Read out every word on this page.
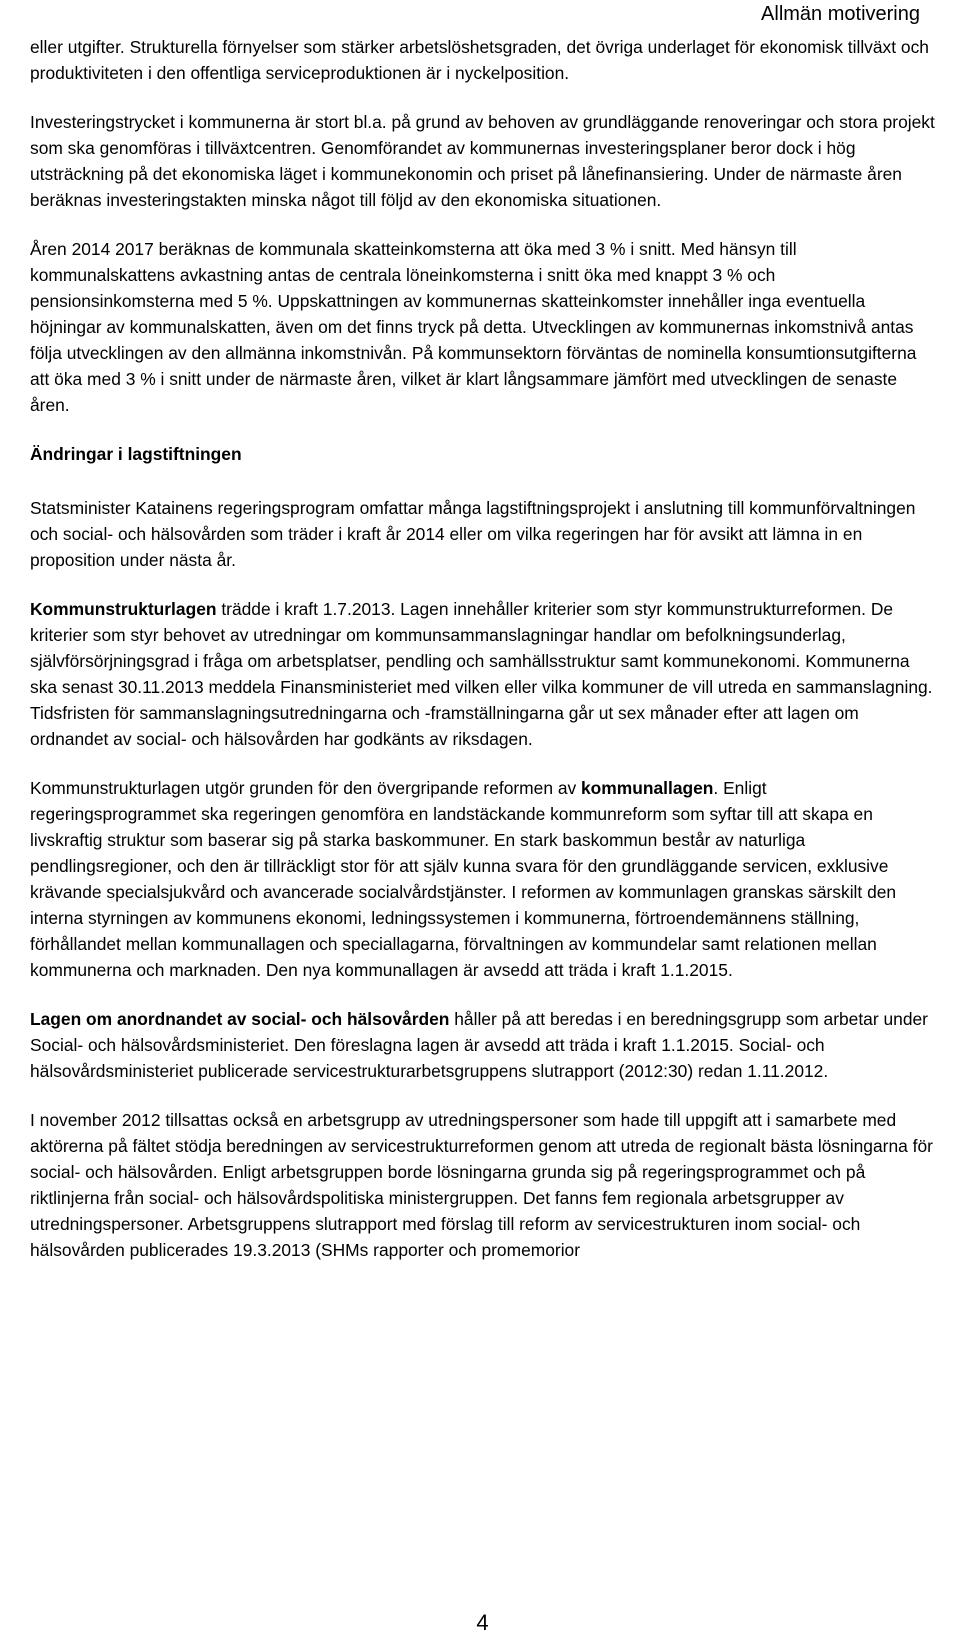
Allmän motivering

eller utgifter. Strukturella förnyelser som stärker arbetslöshetsgraden, det övriga underlaget för ekonomisk tillväxt och produktiviteten i den offentliga serviceproduktionen är i nyckelposition.

Investeringstrycket i kommunerna är stort bl.a. på grund av behoven av grundläggande renoveringar och stora projekt som ska genomföras i tillväxtcentren. Genomförandet av kommunernas investeringsplaner beror dock i hög utsträckning på det ekonomiska läget i kommunekonomin och priset på lånefinansiering. Under de närmaste åren beräknas investeringstakten minska något till följd av den ekonomiska situationen.

Åren 2014 2017 beräknas de kommunala skatteinkomsterna att öka med 3 % i snitt. Med hänsyn till kommunalskattens avkastning antas de centrala löneinkomsterna i snitt öka med knappt 3 % och pensionsinkomsterna med 5 %. Uppskattningen av kommunernas skatteinkomster innehåller inga eventuella höjningar av kommunalskatten, även om det finns tryck på detta. Utvecklingen av kommunernas inkomstnivå antas följa utvecklingen av den allmänna inkomstnivån. På kommunsektorn förväntas de nominella konsumtionsutgifterna att öka med 3 % i snitt under de närmaste åren, vilket är klart långsammare jämfört med utvecklingen de senaste åren.

Ändringar i lagstiftningen

Statsminister Katainens regeringsprogram omfattar många lagstiftningsprojekt i anslutning till kommunförvaltningen och social- och hälsovården som träder i kraft år 2014 eller om vilka regeringen har för avsikt att lämna in en proposition under nästa år.

Kommunstrukturlagen trädde i kraft 1.7.2013. Lagen innehåller kriterier som styr kommunstrukturreformen. De kriterier som styr behovet av utredningar om kommunsammanslagningar handlar om befolkningsunderlag, självförsörjningsgrad i fråga om arbetsplatser, pendling och samhällsstruktur samt kommunekonomi. Kommunerna ska senast 30.11.2013 meddela Finansministeriet med vilken eller vilka kommuner de vill utreda en sammanslagning. Tidsfristen för sammanslagningsutredningarna och -framställningarna går ut sex månader efter att lagen om ordnandet av social- och hälsovården har godkänts av riksdagen.

Kommunstrukturlagen utgör grunden för den övergripande reformen av kommunallagen. Enligt regeringsprogrammet ska regeringen genomföra en landstäckande kommunreform som syftar till att skapa en livskraftig struktur som baserar sig på starka baskommuner. En stark baskommun består av naturliga pendlingsregioner, och den är tillräckligt stor för att själv kunna svara för den grundläggande servicen, exklusive krävande specialsjukvård och avancerade socialvårdstjänster. I reformen av kommunlagen granskas särskilt den interna styrningen av kommunens ekonomi, ledningssystemen i kommunerna, förtroendemännens ställning, förhållandet mellan kommunallagen och speciallagarna, förvaltningen av kommundelar samt relationen mellan kommunerna och marknaden. Den nya kommunallagen är avsedd att träda i kraft 1.1.2015.

Lagen om anordnandet av social- och hälsovården håller på att beredas i en beredningsgrupp som arbetar under Social- och hälsovårdsministeriet. Den föreslagna lagen är avsedd att träda i kraft 1.1.2015. Social- och hälsovårdsministeriet publicerade servicestrukturarbetsgruppens slutrapport (2012:30) redan 1.11.2012.

I november 2012 tillsattas också en arbetsgrupp av utredningspersoner som hade till uppgift att i samarbete med aktörerna på fältet stödja beredningen av servicestrukturreformen genom att utreda de regionalt bästa lösningarna för social- och hälsovården. Enligt arbetsgruppen borde lösningarna grunda sig på regeringsprogrammet och på riktlinjerna från social- och hälsovårdspolitiska ministergruppen. Det fanns fem regionala arbetsgrupper av utredningspersoner. Arbetsgruppens slutrapport med förslag till reform av servicestrukturen inom social- och hälsovården publicerades 19.3.2013 (SHMs rapporter och promemorior

4
